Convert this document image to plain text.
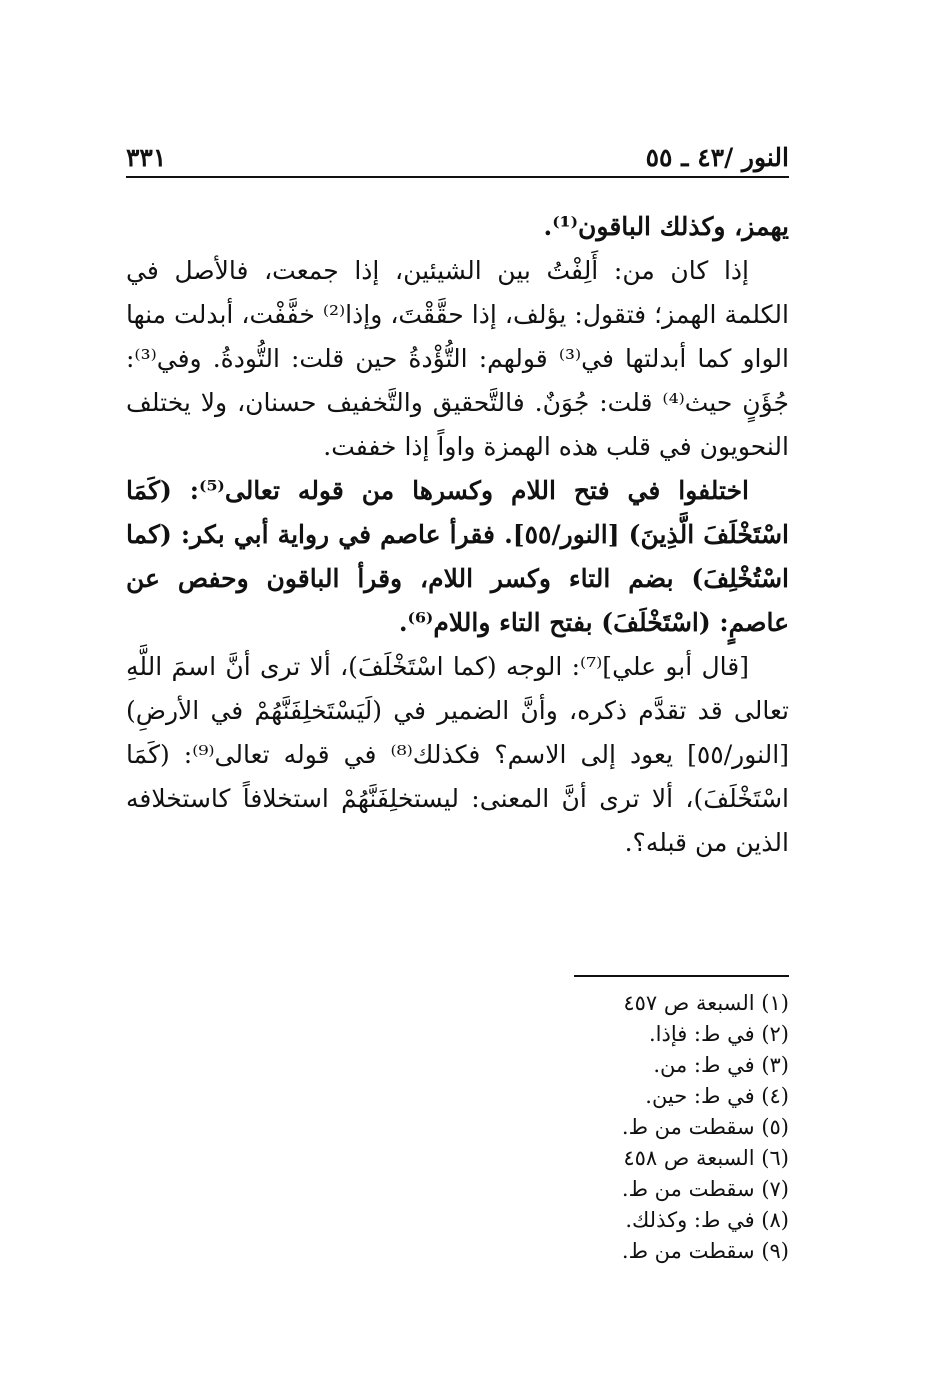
النور /٤٣ ـ ٥٥
٣٣١

يهمز، وكذلك الباقون⁽¹⁾.

إذا كان من: أَلِفْتُ بين الشيئين، إذا جمعت، فالأصل في الكلمة الهمز؛ فتقول: يؤلف، إذا حقَّقْتَ، وإذا⁽²⁾ خفَّفْت، أبدلت منها الواو كما أبدلتها في⁽³⁾ قولهم: التُّؤْدةُ حين قلت: التُّودةُ. وفي⁽³⁾: جُؤَنٍ حيث⁽⁴⁾ قلت: جُوَنٌ. فالتَّحقيق والتَّخفيف حسنان، ولا يختلف النحويون في قلب هذه الهمزة واواً إذا خففت.

اختلفوا في فتح اللام وكسرها من قوله تعالى⁽⁵⁾: (كَمَا اسْتَخْلَفَ الَّذِينَ) [النور/٥٥]. فقرأ عاصم في رواية أبي بكر: (كما اسْتُخْلِفَ) بضم التاء وكسر اللام، وقرأ الباقون وحفص عن عاصمٍ: (اسْتَخْلَفَ) بفتح التاء واللام⁽⁶⁾.

[قال أبو علي]⁽⁷⁾: الوجه (كما اسْتَخْلَفَ)، ألا ترى أنَّ اسمَ اللَّهِ تعالى قد تقدَّم ذكره، وأنَّ الضمير في (لَيَسْتَخلِفَنَّهُمْ في الأرضِ) [النور/٥٥] يعود إلى الاسم؟ فكذلك⁽⁸⁾ في قوله تعالى⁽⁹⁾: (كَمَا اسْتَخْلَفَ)، ألا ترى أنَّ المعنى: ليستخلِفَنَّهُمْ استخلافاً كاستخلافه الذين من قبله؟.

(١) السبعة ص ٤٥٧
(٢) في ط: فإذا.
(٣) في ط: من.
(٤) في ط: حين.
(٥) سقطت من ط.
(٦) السبعة ص ٤٥٨
(٧) سقطت من ط.
(٨) في ط: وكذلك.
(٩) سقطت من ط.
